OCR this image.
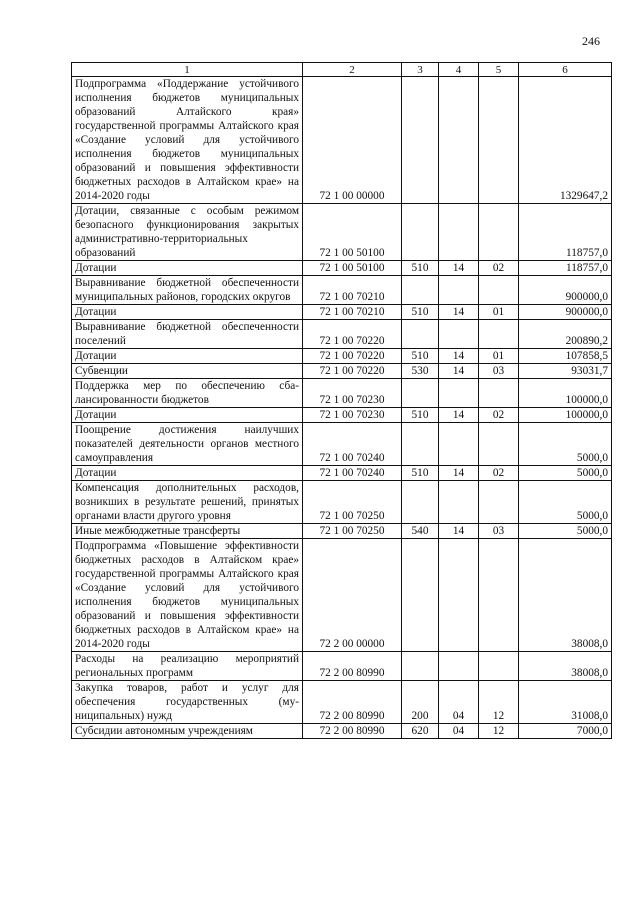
246
1	2	3	4	5	6
Подпрограмма «Поддержание устойчивого исполнения бюджетов муниципальных образований Алтайского края» государственной программы Алтайского края «Создание условий для устойчивого исполнения бюджетов муниципальных образований и повышения эффективности бюджетных расходов в Алтайском крае» на 2014-2020 годы	72 1 00 00000				1329647,2
Дотации, связанные с особым режимом безопасного функционирования закрытых административно-территориальных образований	72 1 00 50100				118757,0
Дотации	72 1 00 50100	510	14	02	118757,0
Выравнивание бюджетной обеспеченности муниципальных районов, городских округов	72 1 00 70210				900000,0
Дотации	72 1 00 70210	510	14	01	900000,0
Выравнивание бюджетной обеспеченности поселений	72 1 00 70220				200890,2
Дотации	72 1 00 70220	510	14	01	107858,5
Субвенции	72 1 00 70220	530	14	03	93031,7
Поддержка мер по обеспечению сбалансированности бюджетов	72 1 00 70230				100000,0
Дотации	72 1 00 70230	510	14	02	100000,0
Поощрение достижения наилучших показателей деятельности органов местного самоуправления	72 1 00 70240				5000,0
Дотации	72 1 00 70240	510	14	02	5000,0
Компенсация дополнительных расходов, возникших в результате решений, принятых органами власти другого уровня	72 1 00 70250				5000,0
Иные межбюджетные трансферты	72 1 00 70250	540	14	03	5000,0
Подпрограмма «Повышение эффективности бюджетных расходов в Алтайском крае» государственной программы Алтайского края «Создание условий для устойчивого исполнения бюджетов муниципальных образований и повышения эффективности бюджетных расходов в Алтайском крае» на 2014-2020 годы	72 2 00 00000				38008,0
Расходы на реализацию мероприятий региональных программ	72 2 00 80990				38008,0
Закупка товаров, работ и услуг для обеспечения государственных (муниципальных) нужд	72 2 00 80990	200	04	12	31008,0
Субсидии автономным учреждениям	72 2 00 80990	620	04	12	7000,0
